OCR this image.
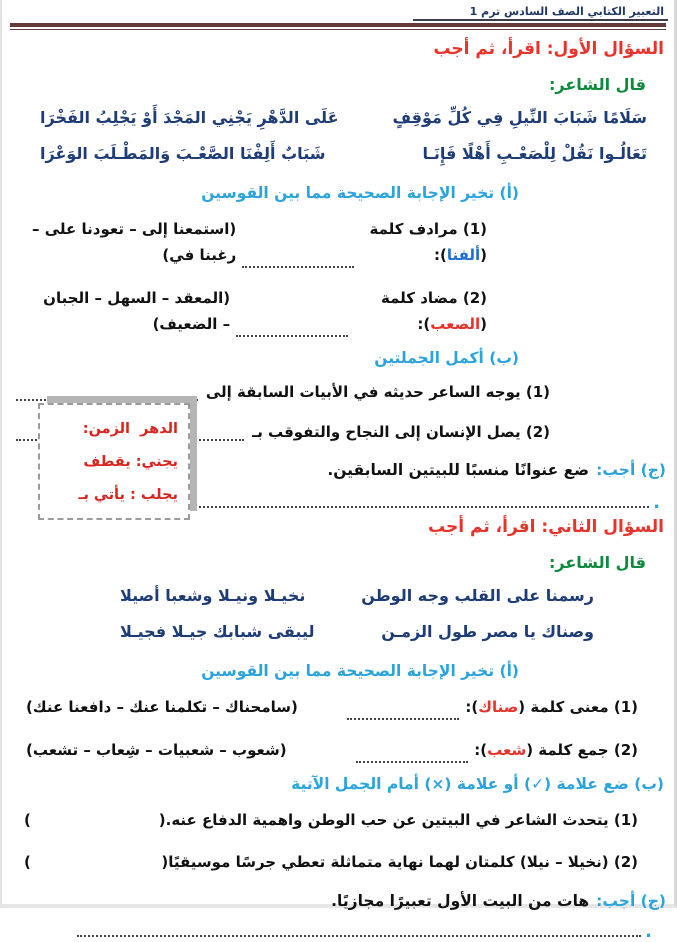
التعبير الكتابي الصف السادس ترم 1
السؤال الأول: اقرأ، ثم أجب
قال الشاعر:
سَلَامًا شَبَابَ النِّيلِ فِي كُلِّ مَوْقِفٍ
عَلَى الدَّهْرِ يَجْنِي المَجْدَ أَوْ يَجْلِبُ الفَخْرَا
تَعَالُـوا نَقُلْ لِلْصَعْـبِ أَهْلًا فَإِنَـا
شَبَابٌ أَلِفْنَا الصَّعْـبَ وَالمَطْـلَبَ الوَعْرَا
(أ) تخير الإجابة الصحيحة مما بين القوسين
(1) مرادف كلمة (ألفنا):
(استمعنا إلى – تعودنا على – رغبنا في)
(2) مضاد كلمة (الصعب):
(المعقد – السهل – الجبان – الضعيف)
(ب) أكمل الجملتين
(1) يوجه الساعر حديثه في الأبيات السابقة إلى
(2) يصل الإنسان إلى النجاح والتفوقب بـ
(ج) أجب:
ضع عنوانًا منسبًا للبيتين السابقين.
.
الدهر  الزمن:
يجني: يقطف
يجلب : يأتي بـ
السؤال الثاني: اقرأ، ثم أجب
قال الشاعر:
رسمنا على القلب وجه الوطن
نخيـلا ونيـلا وشعبا أصيلا
وصناك يا مصر طول الزمـن
ليبقى شبابك جيـلا فجيـلا
(أ) تخير الإجابة الصحيحة مما بين القوسين
(1) معنى كلمة (صناك):
(سامحناك – تكلمنا عنك – دافعنا عنك)
(2) جمع كلمة (شعب):
(شعوب – شعبيات – شِعاب – تشعب)
(ب) ضع علامة (✓) أو علامة (×) أمام الجمل الآتية
(1) يتحدث الشاعر في البيتين عن حب الوطن واهمية الدفاع عنه.(
)
(2) (نخيلا – نيلا) كلمتان لهما نهاية متماثلة تعطي جرسًا موسيقيًا(
)
(ج) أجب:
هات من البيت الأول تعبيرًا مجازيًا.
.
